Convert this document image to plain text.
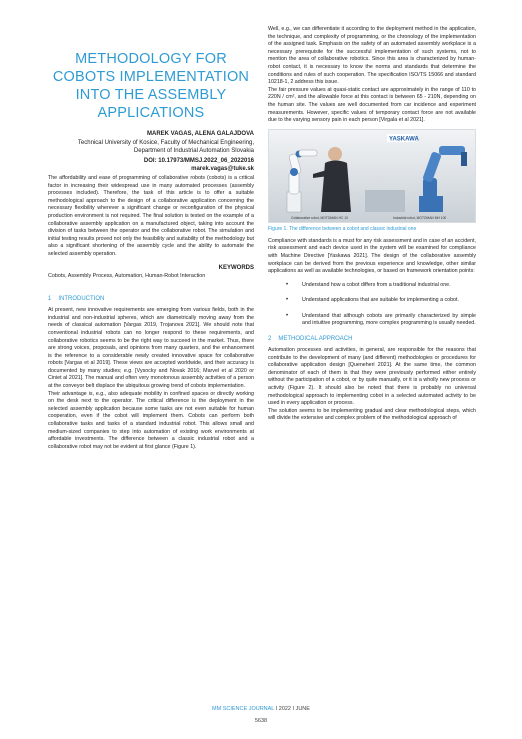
METHODOLOGY FOR
COBOTS IMPLEMENTATION
INTO THE ASSEMBLY
APPLICATIONS
MAREK VAGAS, ALENA GALAJDOVA
Technical University of Kosice, Faculty of Mechanical Engineering, Department of Industrial Automation Slovakia
DOI: 10.17973/MMSJ.2022_06_2022016
marek.vagas@tuke.sk

The affordability and ease of programming of collaborative robots (cobots) is a critical factor in increasing their widespread use in many automated processes (assembly processes included). Therefore, the task of this article is to offer a suitable methodological approach to the design of a collaborative application concerning the necessary flexibility wherever a significant change or reconfiguration of the physical production environment is not required. The final solution is tested on the example of a collaborative assembly application on a manufactured object, taking into account the division of tasks between the operator and the collaborative robot. The simulation and initial testing results proved not only the feasibility and suitability of the methodology but also a significant shortening of the assembly cycle and the ability to automate the selected assembly operation.

KEYWORDS

Cobots, Assembly Process, Automation, Human-Robot Interaction

1 INTRODUCTION

At present, new innovative requirements are emerging from various fields, both in the industrial and non-industrial spheres, which are diametrically moving away from the needs of classical automation [Vargas 2019, Trojanova 2021]. We should note that conventional industrial robots can no longer respond to these requirements, and collaborative robotics seems to be the right way to succeed in the market. Thus, there are strong voices, proposals, and opinions from many quarters, and the enhancement is the reference to a considerable newly created innovative space for collaborative robots [Vargas et al 2019]. These views are accepted worldwide, and their accuracy is documented by many studies; e.g. [Vysocky and Novak 2016; Marvel et al 2020 or Ciniet al 2021]. The manual and often very monotonous assembly activities of a person at the conveyor belt displace the ubiquitous growing trend of cobots implementation.

Their advantage is, e.g., also adequate mobility in confined spaces or directly working on the desk next to the operator. The critical difference is the deployment in the selected assembly application because some tasks are not even suitable for human cooperation, even if the cobot will implement them. Cobots can perform both collaborative tasks and tasks of a standard industrial robot. This allows small and medium-sized companies to step into automation of existing work environments at affordable investments. The difference between a classic industrial robot and a collaborative robot may not be evident at first glance (Figure 1).

Well, e.g., we can differentiate it according to the deployment method in the application, the technique, and complexity of programming, or the chronology of the implementation of the assigned task. Emphasis on the safety of an automated assembly workplace is a necessary prerequisite for the successful implementation of such systems, not to mention the area of collaborative robotics. Since this area is characterized by human-robot contact, it is necessary to know the norms and standards that determine the conditions and rules of such cooperation. The specification ISO/TS 15066 and standard 10218-1, 2 address this issue.

The fair pressure values at quasi-static contact are approximately in the range of 110 to 220N / cm², and the allowable force at this contact is between 65 - 210N, depending on the human site. The values are well documented from car incidence and experiment measurements. However, specific values of temporary contact force are not available due to the varying sensory pain in each person [Virgala et al 2021].

YASKAWA
Collaborative robot, MOTOMAN HC 10	Industrial robot, MOTOMAN MH 100
Figure 1. The difference between a cobot and classic industrial one

Compliance with standards is a must for any risk assessment and in case of an accident, risk assessment and each device used in the system will be examined for compliance with Machine Directive [Yaskawa 2021]. The design of the collaborative assembly workplace can be derived from the previous experience and knowledge, other similar applications as well as available technologies, or based on framework orientation points:

•	Understand how a cobot differs from a traditional industrial one.
•	Understand applications that are suitable for implementing a cobot.
•	Understand that although cobots are primarily characterized by simple and intuitive programming, more complex programming is usually needed.
2 METHODICAL APPROACH

Automation processes and activities, in general, are responsible for the reasons that contribute to the development of many (and different) methodologies or procedures for collaborative application design [Queneheri 2021]. At the same time, the common denominator of each of them is that they were previously performed either entirely without the participation of a cobot, or by quite manually, or it is a wholly new process or activity (Figure 2). It should also be noted that there is probably no universal methodological approach to implementing cobot in a selected automated activity to be used in every application or process.

The solution seems to be implementing gradual and clear methodological steps, which will divide the extensive and complex problem of the methodological approach of

MM SCIENCE JOURNAL I 2022 I JUNE
5638
